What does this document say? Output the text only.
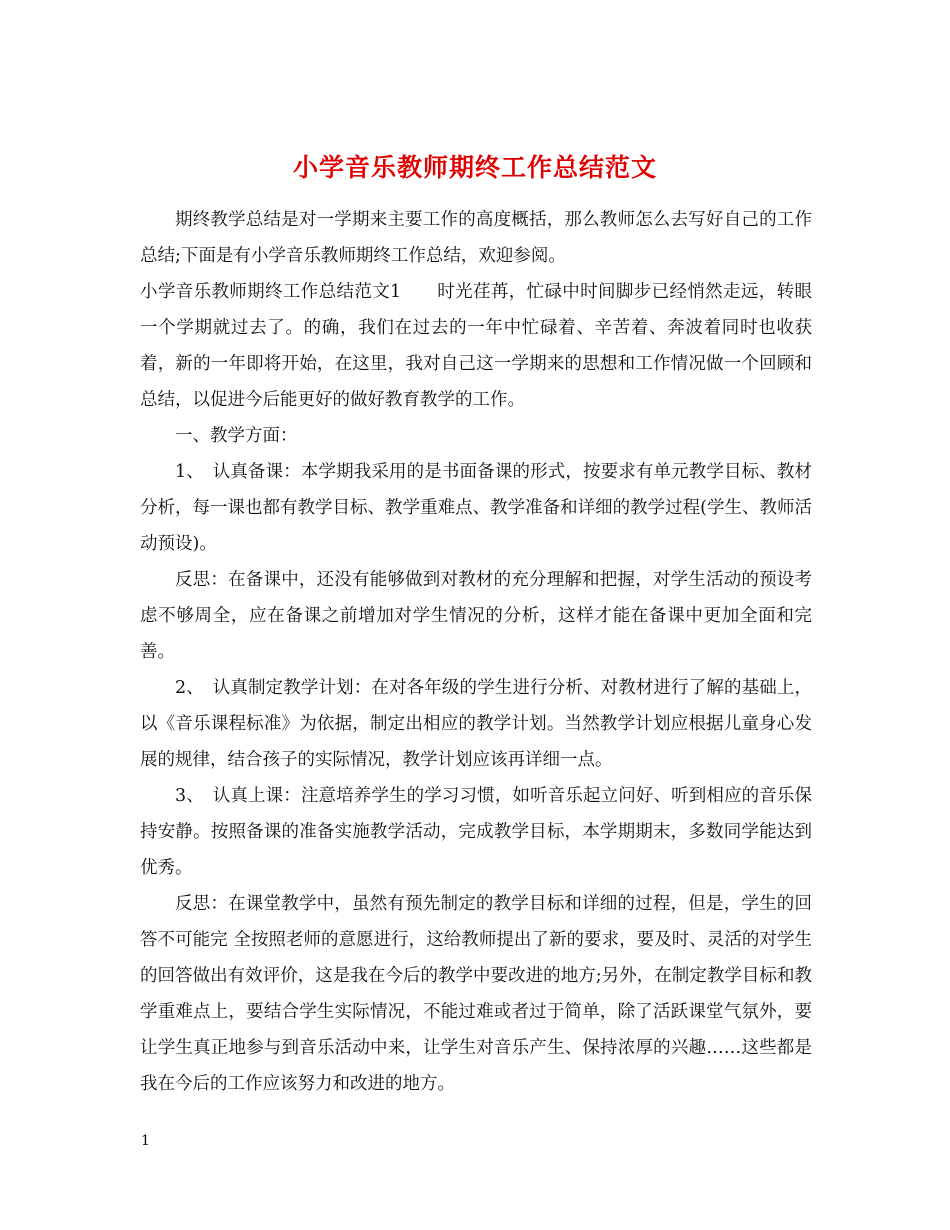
小学音乐教师期终工作总结范文

期终教学总结是对一学期来主要工作的高度概括，那么教师怎么去写好自己的工作总结;下面是有小学音乐教师期终工作总结，欢迎参阅。

小学音乐教师期终工作总结范文1　　时光荏苒，忙碌中时间脚步已经悄然走远，转眼一个学期就过去了。的确，我们在过去的一年中忙碌着、辛苦着、奔波着同时也收获着，新的一年即将开始，在这里，我对自己这一学期来的思想和工作情况做一个回顾和总结，以促进今后能更好的做好教育教学的工作。

一、教学方面：

1、　认真备课：本学期我采用的是书面备课的形式，按要求有单元教学目标、教材分析，每一课也都有教学目标、教学重难点、教学准备和详细的教学过程(学生、教师活动预设)。

反思：在备课中，还没有能够做到对教材的充分理解和把握，对学生活动的预设考虑不够周全，应在备课之前增加对学生情况的分析，这样才能在备课中更加全面和完善。

2、　认真制定教学计划：在对各年级的学生进行分析、对教材进行了解的基础上，以《音乐课程标准》为依据，制定出相应的教学计划。当然教学计划应根据儿童身心发展的规律，结合孩子的实际情况，教学计划应该再详细一点。

3、　认真上课：注意培养学生的学习习惯，如听音乐起立问好、听到相应的音乐保持安静。按照备课的准备实施教学活动，完成教学目标，本学期期末，多数同学能达到优秀。

反思：在课堂教学中，虽然有预先制定的教学目标和详细的过程，但是，学生的回答不可能完 全按照老师的意愿进行，这给教师提出了新的要求，要及时、灵活的对学生的回答做出有效评价，这是我在今后的教学中要改进的地方;另外，在制定教学目标和教学重难点上，要结合学生实际情况，不能过难或者过于简单，除了活跃课堂气氛外，要让学生真正地参与到音乐活动中来，让学生对音乐产生、保持浓厚的兴趣……这些都是我在今后的工作应该努力和改进的地方。

1
